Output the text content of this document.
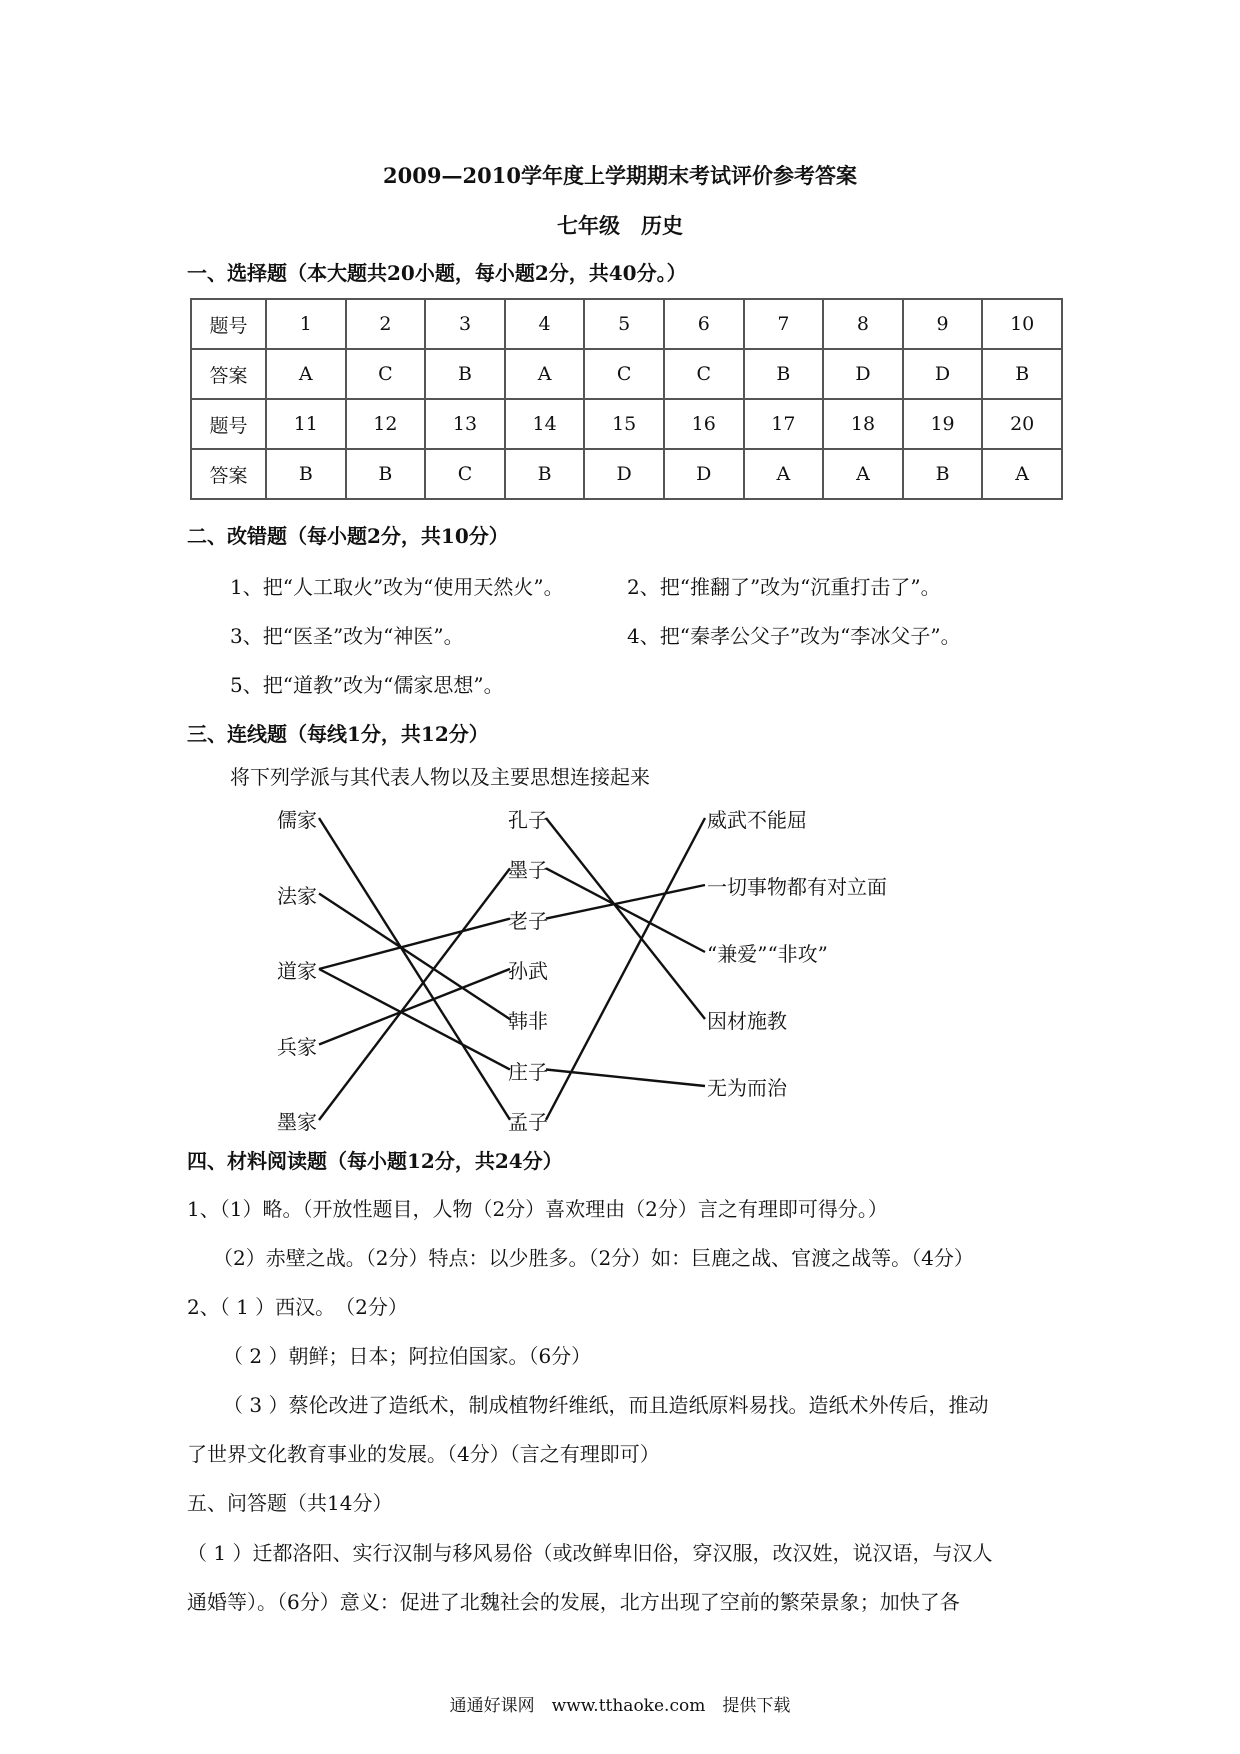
2009—2010学年度上学期期末考试评价参考答案
七年级　历史
一、选择题（本大题共20小题，每小题2分，共40分。）
题号	1	2	3	4	5	6	7	8	9	10
答案	A	C	B	A	C	C	B	D	D	B
题号	11	12	13	14	15	16	17	18	19	20
答案	B	B	C	B	D	D	A	A	B	A
二、改错题（每小题2分，共10分）
1、把“人工取火”改为“使用天然火”。	2、把“推翻了”改为“沉重打击了”。
3、把“医圣”改为“神医”。	4、把“秦孝公父子”改为“李冰父子”。
5、把“道教”改为“儒家思想”。
三、连线题（每线1分，共12分）
将下列学派与其代表人物以及主要思想连接起来
儒家
法家
道家
兵家
墨家
孔子
墨子
老子
孙武
韩非
庄子
孟子
威武不能屈
一切事物都有对立面
“兼爱”“非攻”
因材施教
无为而治
四、材料阅读题（每小题12分，共24分）
1、（1）略。（开放性题目，人物（2分）喜欢理由（2分）言之有理即可得分。）
（2）赤壁之战。（2分）特点：以少胜多。（2分）如：巨鹿之战、官渡之战等。（4分）
2、（ 1 ）西汉。　（2分）
（ 2 ）朝鲜；日本；阿拉伯国家。（6分）
（ 3 ）蔡伦改进了造纸术，制成植物纤维纸，而且造纸原料易找。造纸术外传后，推动
了世界文化教育事业的发展。（4分）（言之有理即可）
五、问答题（共14分）
（ 1 ）迁都洛阳、实行汉制与移风易俗（或改鲜卑旧俗，穿汉服，改汉姓，说汉语，与汉人
通婚等）。（6分）意义：促进了北魏社会的发展，北方出现了空前的繁荣景象；加快了各
通通好课网　www.tthaoke.com　提供下载
